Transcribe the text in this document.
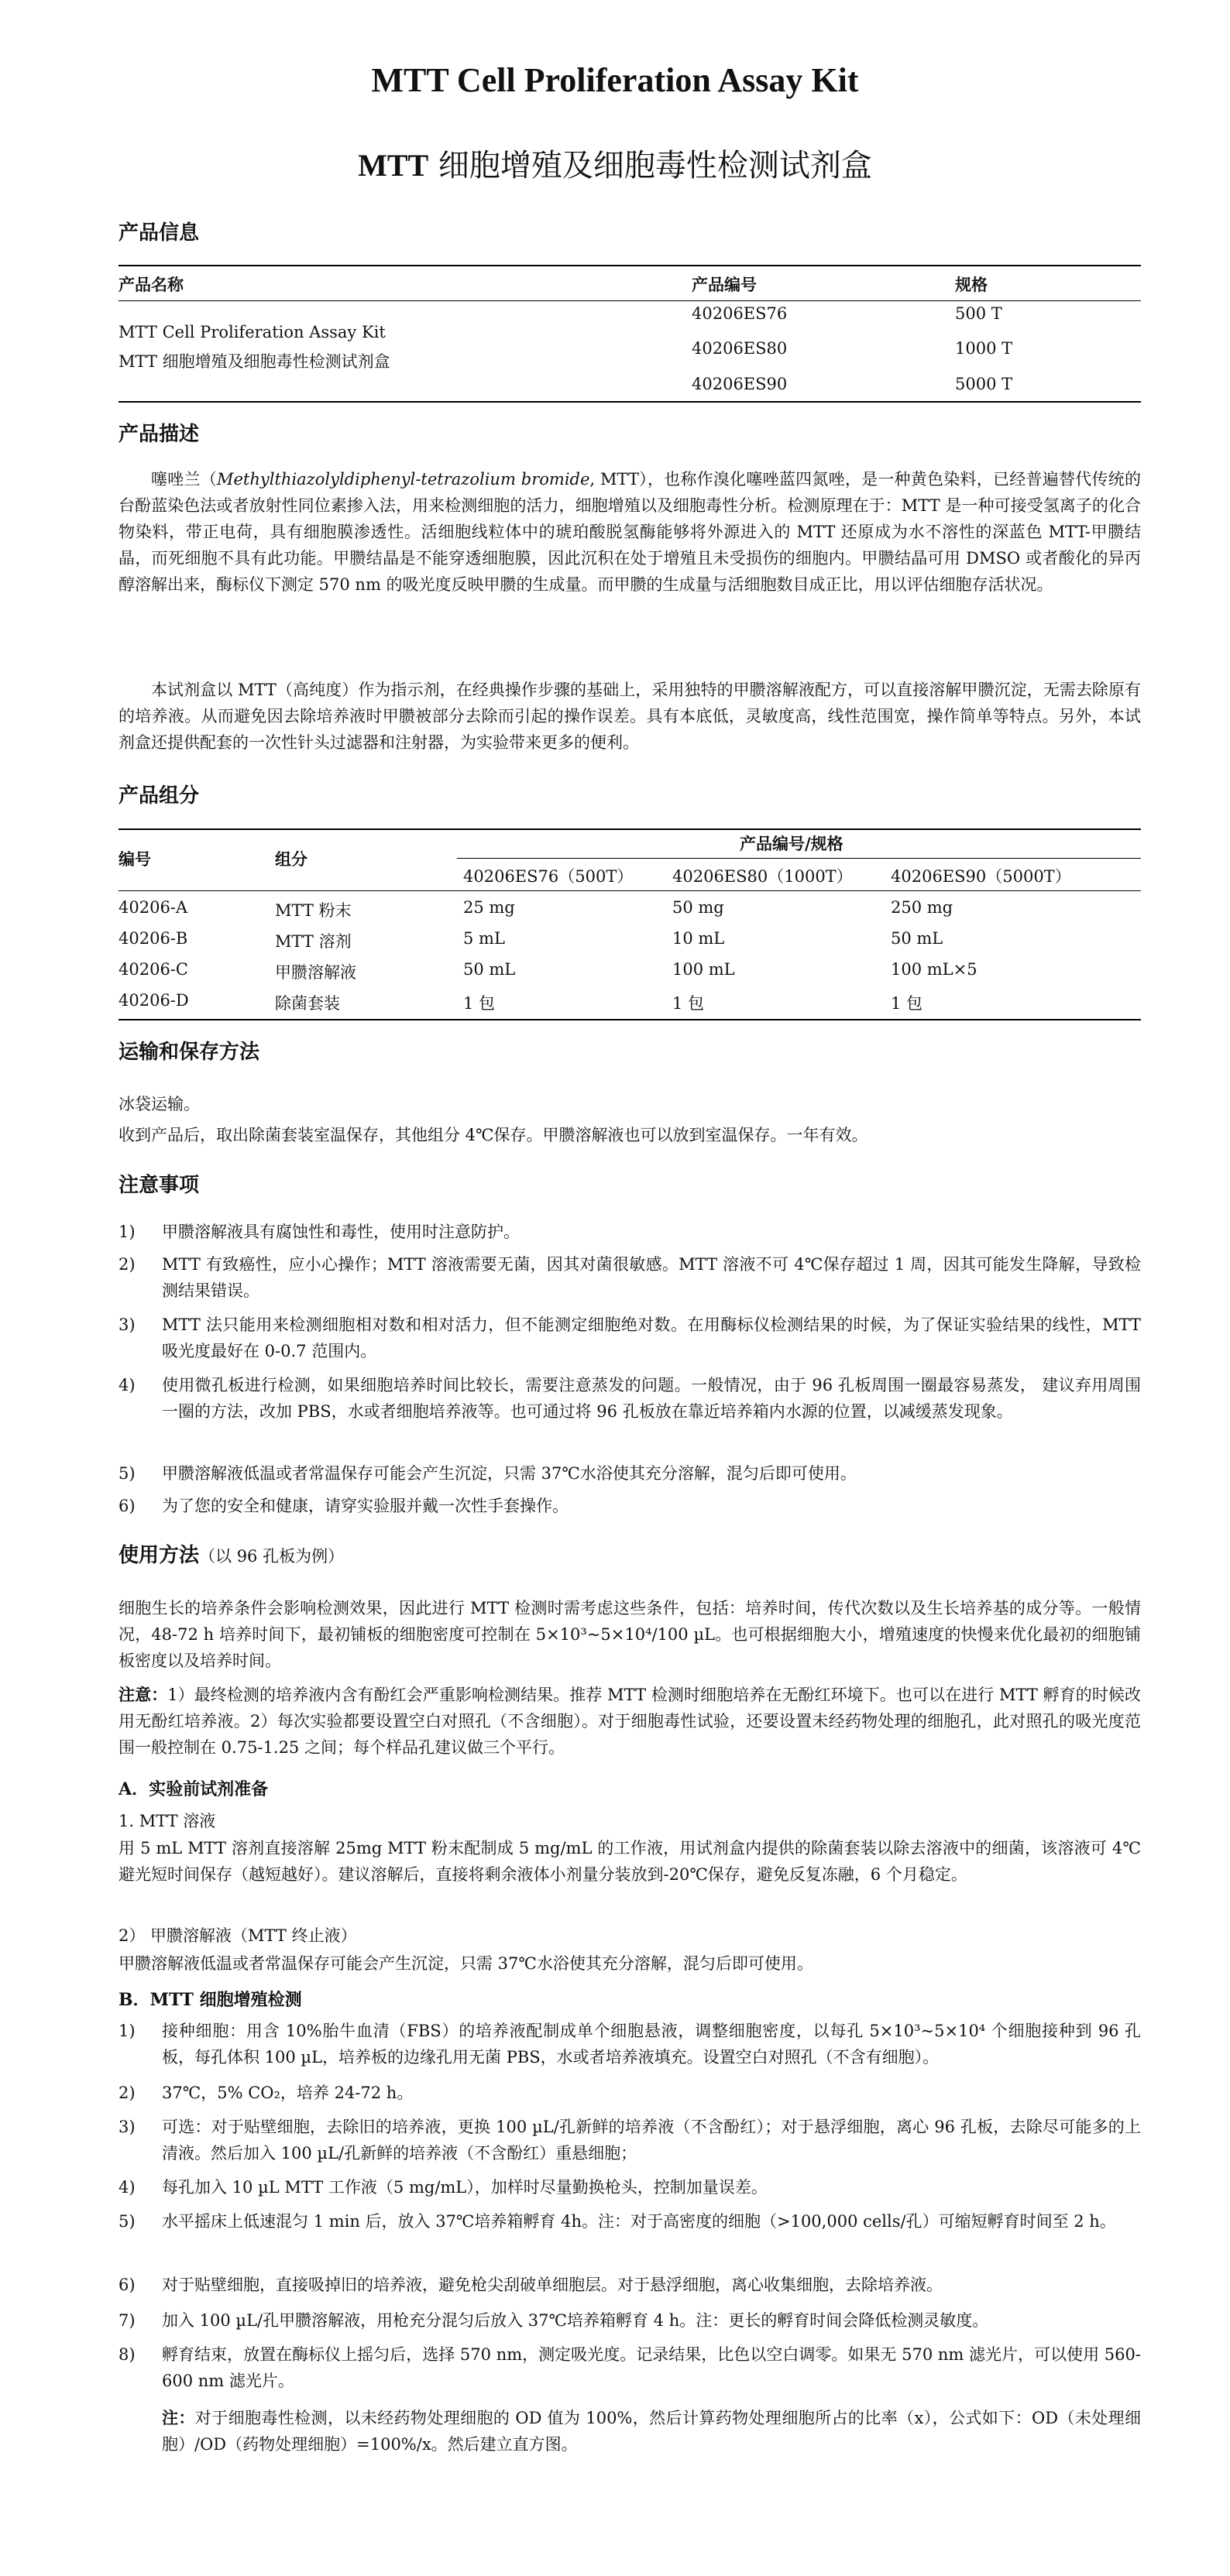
MTT Cell Proliferation Assay Kit
MTT 细胞增殖及细胞毒性检测试剂盒
产品信息
产品名称	产品编号	规格
MTT Cell Proliferation Assay Kit
MTT 细胞增殖及细胞毒性检测试剂盒
40206ES76	500 T
40206ES80	1000 T
40206ES90	5000 T
产品描述

噻唑兰（Methylthiazolyldiphenyl-tetrazolium bromide, MTT），也称作溴化噻唑蓝四氮唑，是一种黄色染料，已经普遍替代传统的台酚蓝染色法或者放射性同位素掺入法，用来检测细胞的活力，细胞增殖以及细胞毒性分析。检测原理在于：MTT 是一种可接受氢离子的化合物染料，带正电荷，具有细胞膜渗透性。活细胞线粒体中的琥珀酸脱氢酶能够将外源进入的 MTT 还原成为水不溶性的深蓝色 MTT-甲臜结晶，而死细胞不具有此功能。甲臜结晶是不能穿透细胞膜，因此沉积在处于增殖且未受损伤的细胞内。甲臜结晶可用 DMSO 或者酸化的异丙醇溶解出来，酶标仪下测定 570 nm 的吸光度反映甲臜的生成量。而甲臜的生成量与活细胞数目成正比，用以评估细胞存活状况。

本试剂盒以 MTT（高纯度）作为指示剂，在经典操作步骤的基础上，采用独特的甲臜溶解液配方，可以直接溶解甲臜沉淀，无需去除原有的培养液。从而避免因去除培养液时甲臜被部分去除而引起的操作误差。具有本底低，灵敏度高，线性范围宽，操作简单等特点。另外，本试剂盒还提供配套的一次性针头过滤器和注射器，为实验带来更多的便利。

产品组分
编号	组分
产品编号/规格
40206ES76（500T） 40206ES80（1000T） 40206ES90（5000T）
40206-A	MTT 粉末	25 mg	50 mg	250 mg
40206-B	MTT 溶剂	5 mL	10 mL	50 mL
40206-C	甲臜溶解液	50 mL	100 mL	100 mL×5
40206-D	除菌套装	1 包	1 包	1 包
运输和保存方法
冰袋运输。
收到产品后，取出除菌套装室温保存，其他组分 4℃保存。甲臜溶解液也可以放到室温保存。一年有效。
注意事项
1) 甲臜溶解液具有腐蚀性和毒性，使用时注意防护。
2) MTT 有致癌性，应小心操作；MTT 溶液需要无菌，因其对菌很敏感。MTT 溶液不可 4℃保存超过 1 周，因其可能发生降解，导致检测结果错误。
3) MTT 法只能用来检测细胞相对数和相对活力，但不能测定细胞绝对数。在用酶标仪检测结果的时候，为了保证实验结果的线性，MTT 吸光度最好在 0-0.7 范围内。
4) 使用微孔板进行检测，如果细胞培养时间比较长，需要注意蒸发的问题。一般情况，由于 96 孔板周围一圈最容易蒸发， 建议弃用周围一圈的方法，改加 PBS，水或者细胞培养液等。也可通过将 96 孔板放在靠近培养箱内水源的位置，以减缓蒸发现象。
5) 甲臜溶解液低温或者常温保存可能会产生沉淀，只需 37℃水浴使其充分溶解，混匀后即可使用。
6) 为了您的安全和健康，请穿实验服并戴一次性手套操作。
使用方法（以 96 孔板为例）

细胞生长的培养条件会影响检测效果，因此进行 MTT 检测时需考虑这些条件，包括：培养时间，传代次数以及生长培养基的成分等。一般情况，48-72 h 培养时间下，最初铺板的细胞密度可控制在 5×10³~5×10⁴/100 µL。也可根据细胞大小，增殖速度的快慢来优化最初的细胞铺板密度以及培养时间。

注意：1）最终检测的培养液内含有酚红会严重影响检测结果。推荐 MTT 检测时细胞培养在无酚红环境下。也可以在进行 MTT 孵育的时候改用无酚红培养液。2）每次实验都要设置空白对照孔（不含细胞）。对于细胞毒性试验，还要设置未经药物处理的细胞孔，此对照孔的吸光度范围一般控制在 0.75-1.25 之间；每个样品孔建议做三个平行。

A．实验前试剂准备
1. MTT 溶液

用 5 mL MTT 溶剂直接溶解 25mg MTT 粉末配制成 5 mg/mL 的工作液，用试剂盒内提供的除菌套装以除去溶液中的细菌，该溶液可 4℃ 避光短时间保存（越短越好）。建议溶解后，直接将剩余液体小剂量分装放到-20℃保存，避免反复冻融，6 个月稳定。

2） 甲臜溶解液（MTT 终止液）
甲臜溶解液低温或者常温保存可能会产生沉淀，只需 37℃水浴使其充分溶解，混匀后即可使用。
B．MTT 细胞增殖检测
1) 接种细胞：用含 10%胎牛血清（FBS）的培养液配制成单个细胞悬液，调整细胞密度，以每孔 5×10³~5×10⁴ 个细胞接种到 96 孔板，每孔体积 100 µL，培养板的边缘孔用无菌 PBS，水或者培养液填充。设置空白对照孔（不含有细胞）。
2) 37℃，5% CO₂，培养 24-72 h。
3) 可选：对于贴壁细胞，去除旧的培养液，更换 100 µL/孔新鲜的培养液（不含酚红）；对于悬浮细胞，离心 96 孔板，去除尽可能多的上清液。然后加入 100 µL/孔新鲜的培养液（不含酚红）重悬细胞；
4) 每孔加入 10 µL MTT 工作液（5 mg/mL），加样时尽量勤换枪头，控制加量误差。
5) 水平摇床上低速混匀 1 min 后，放入 37℃培养箱孵育 4h。注：对于高密度的细胞（>100,000 cells/孔）可缩短孵育时间至 2 h。
6) 对于贴壁细胞，直接吸掉旧的培养液，避免枪尖刮破单细胞层。对于悬浮细胞，离心收集细胞，去除培养液。
7) 加入 100 µL/孔甲臜溶解液，用枪充分混匀后放入 37℃培养箱孵育 4 h。注：更长的孵育时间会降低检测灵敏度。
8) 孵育结束，放置在酶标仪上摇匀后，选择 570 nm，测定吸光度。记录结果，比色以空白调零。如果无 570 nm 滤光片，可以使用 560-600 nm 滤光片。
注：对于细胞毒性检测，以未经药物处理细胞的 OD 值为 100%，然后计算药物处理细胞所占的比率（x），公式如下：OD（未处理细胞）/OD（药物处理细胞）=100%/x。然后建立直方图。
